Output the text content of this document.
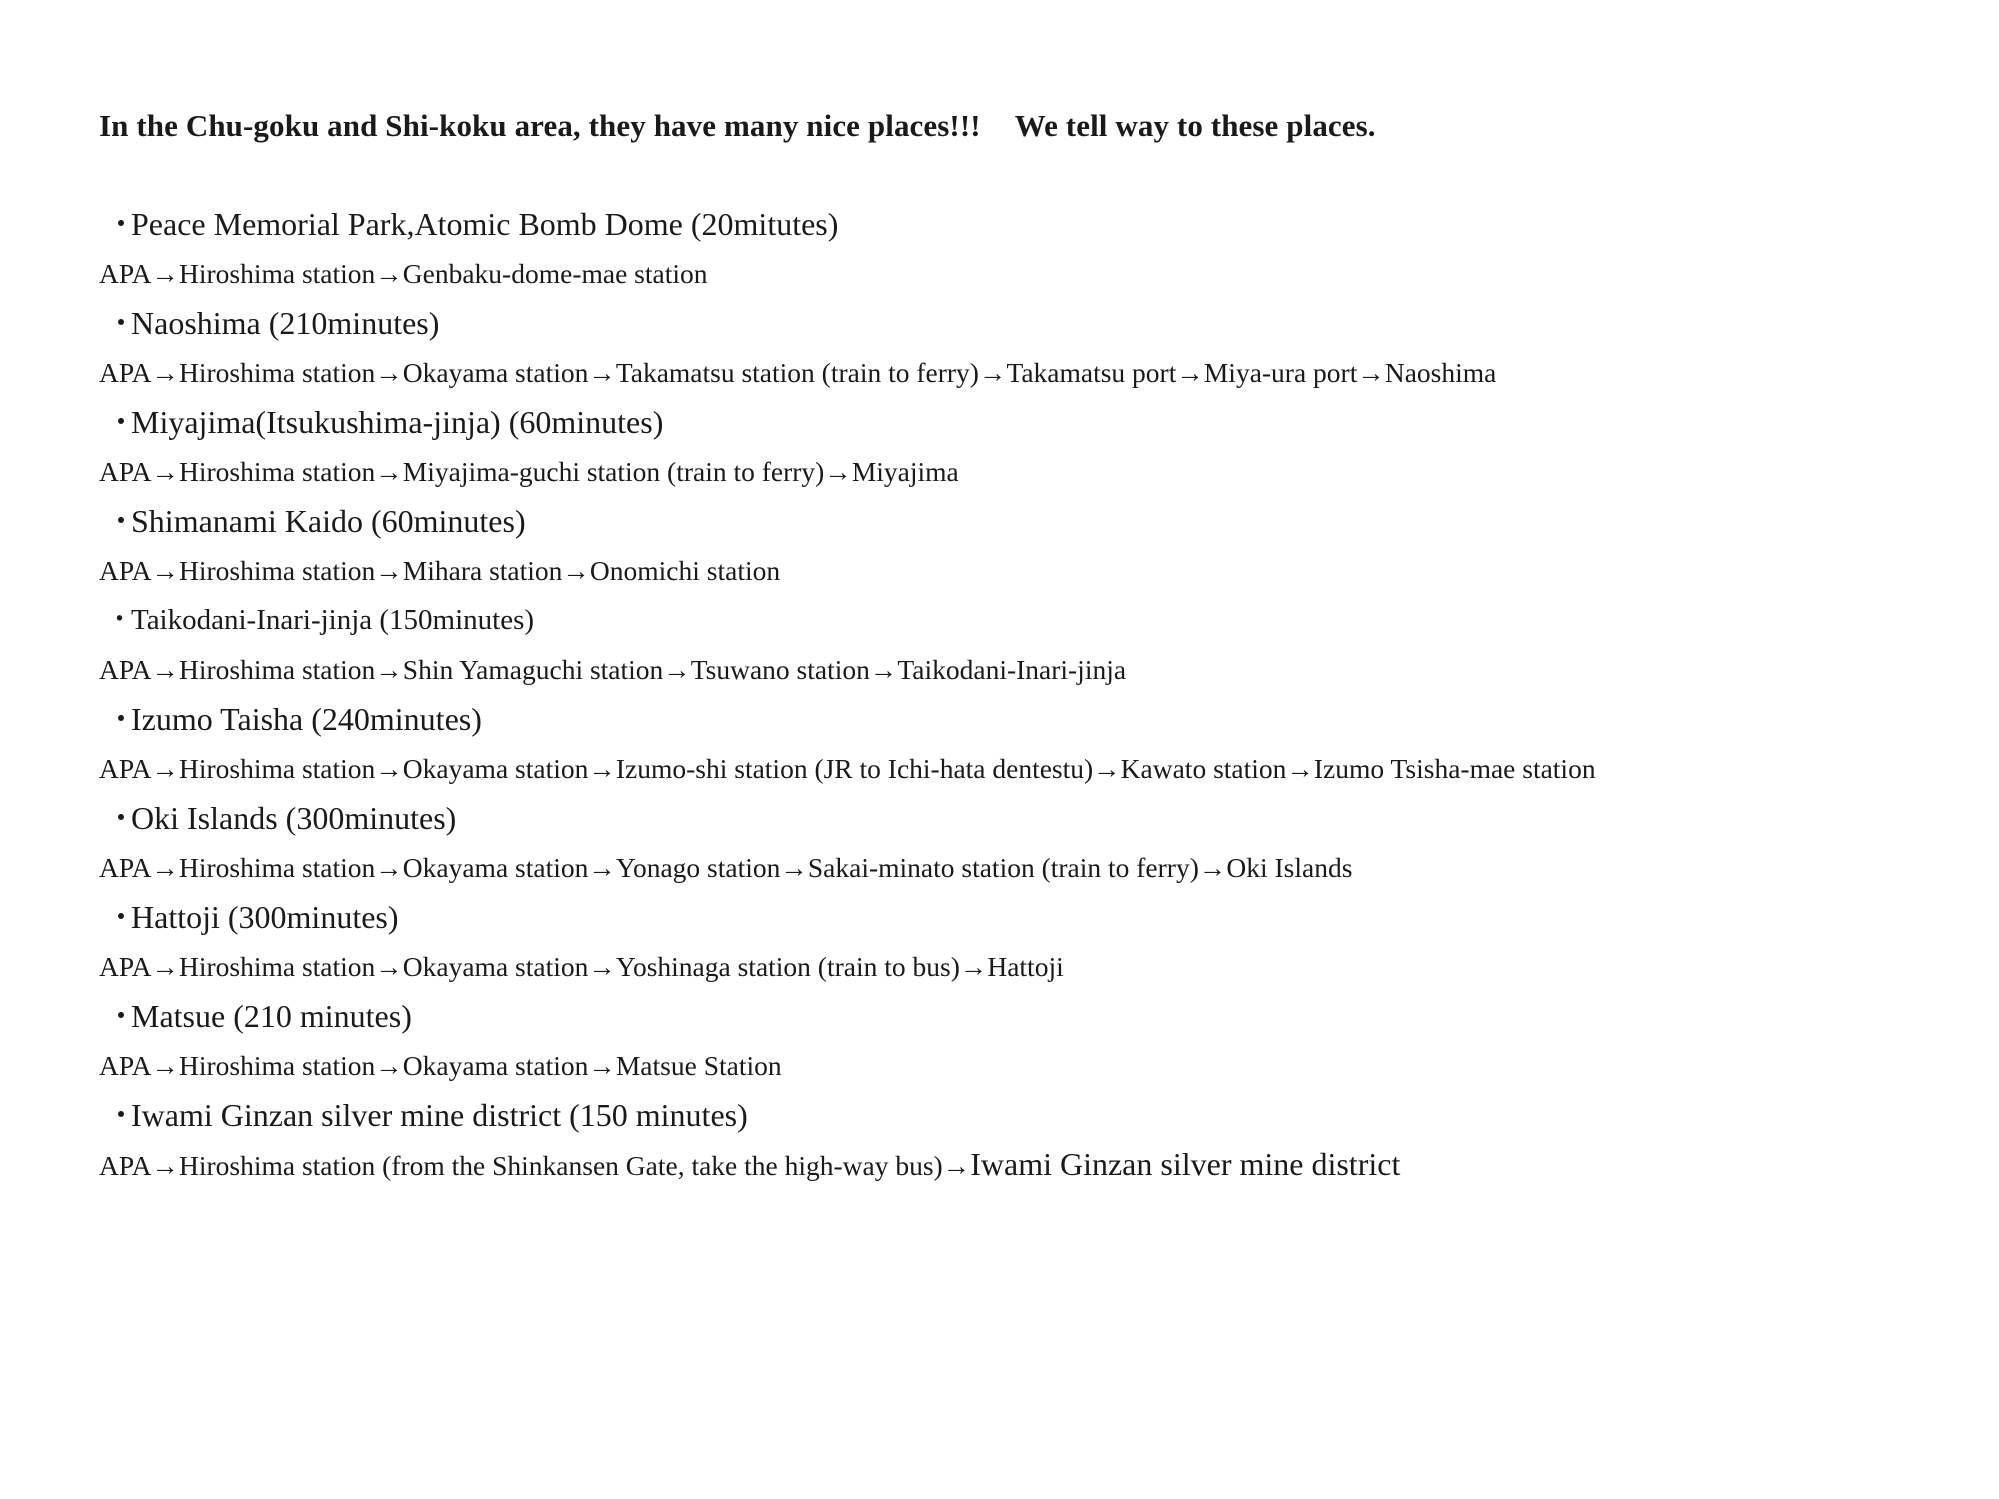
In the Chu-goku and Shi-koku area, they have many nice places!!! We tell way to these places.
・Peace Memorial Park,Atomic Bomb Dome (20mitutes)
APA→Hiroshima station→Genbaku-dome-mae station
・Naoshima (210minutes)
APA→Hiroshima station→Okayama station→Takamatsu station (train to ferry)→Takamatsu port→Miya-ura port→Naoshima
・Miyajima(Itsukushima-jinja) (60minutes)
APA→Hiroshima station→Miyajima-guchi station (train to ferry)→Miyajima
・Shimanami Kaido (60minutes)
APA→Hiroshima station→Mihara station→Onomichi station
・Taikodani-Inari-jinja (150minutes)
APA→Hiroshima station→Shin Yamaguchi station→Tsuwano station→Taikodani-Inari-jinja
・Izumo Taisha (240minutes)
APA→Hiroshima station→Okayama station→Izumo-shi station (JR to Ichi-hata dentestu)→Kawato station→Izumo Tsisha-mae station
・Oki Islands (300minutes)
APA→Hiroshima station→Okayama station→Yonago station→Sakai-minato station (train to ferry)→Oki Islands
・Hattoji (300minutes)
APA→Hiroshima station→Okayama station→Yoshinaga station (train to bus)→Hattoji
・Matsue (210 minutes)
APA→Hiroshima station→Okayama station→Matsue Station
・Iwami Ginzan silver mine district (150 minutes)
APA→Hiroshima station (from the Shinkansen Gate, take the high-way bus)→Iwami Ginzan silver mine district
